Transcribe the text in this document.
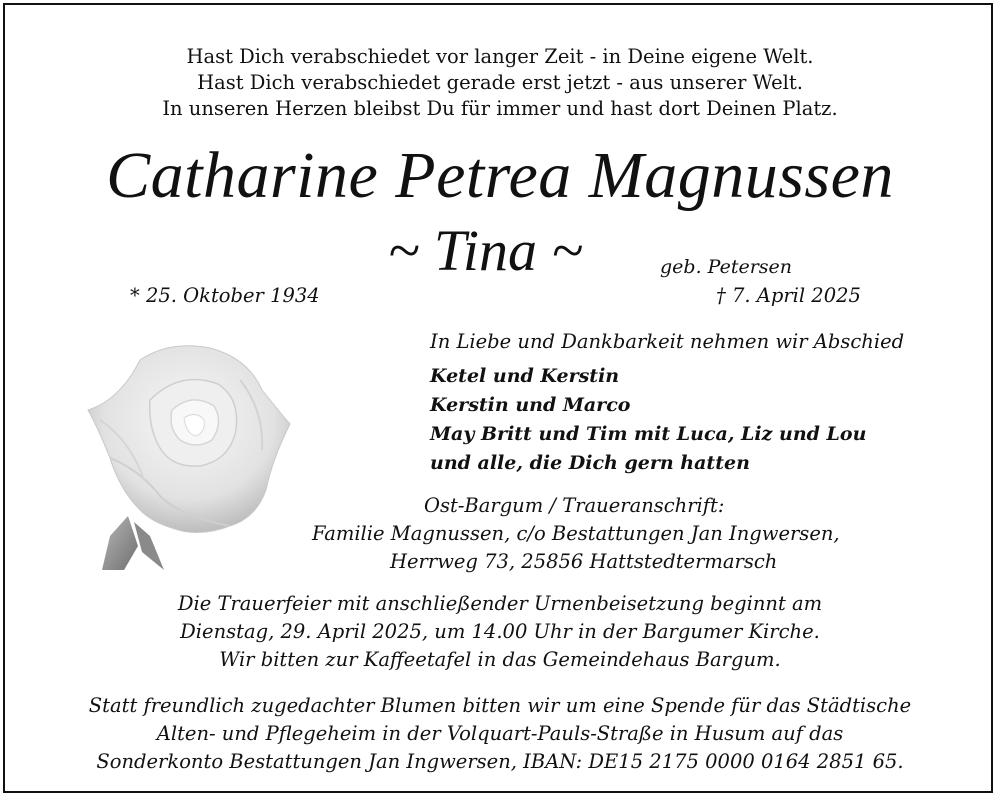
Hast Dich verabschiedet vor langer Zeit - in Deine eigene Welt.
Hast Dich verabschiedet gerade erst jetzt - aus unserer Welt.
In unseren Herzen bleibst Du für immer und hast dort Deinen Platz.
Catharine Petrea Magnussen
~ Tina ~	geb. Petersen
* 25. Oktober 1934	† 7. April 2025
In Liebe und Dankbarkeit nehmen wir Abschied
Ketel und Kerstin
Kerstin und Marco
May Britt und Tim mit Luca, Liz und Lou
und alle, die Dich gern hatten
Ost-Bargum / Traueranschrift:
Familie Magnussen, c/o Bestattungen Jan Ingwersen,
Herrweg 73, 25856 Hattstedtermarsch
Die Trauerfeier mit anschließender Urnenbeisetzung beginnt am
Dienstag, 29. April 2025, um 14.00 Uhr in der Bargumer Kirche.
Wir bitten zur Kaffeetafel in das Gemeindehaus Bargum.
Statt freundlich zugedachter Blumen bitten wir um eine Spende für das Städtische
Alten- und Pflegeheim in der Volquart-Pauls-Straße in Husum auf das
Sonderkonto Bestattungen Jan Ingwersen, IBAN: DE15 2175 0000 0164 2851 65.
